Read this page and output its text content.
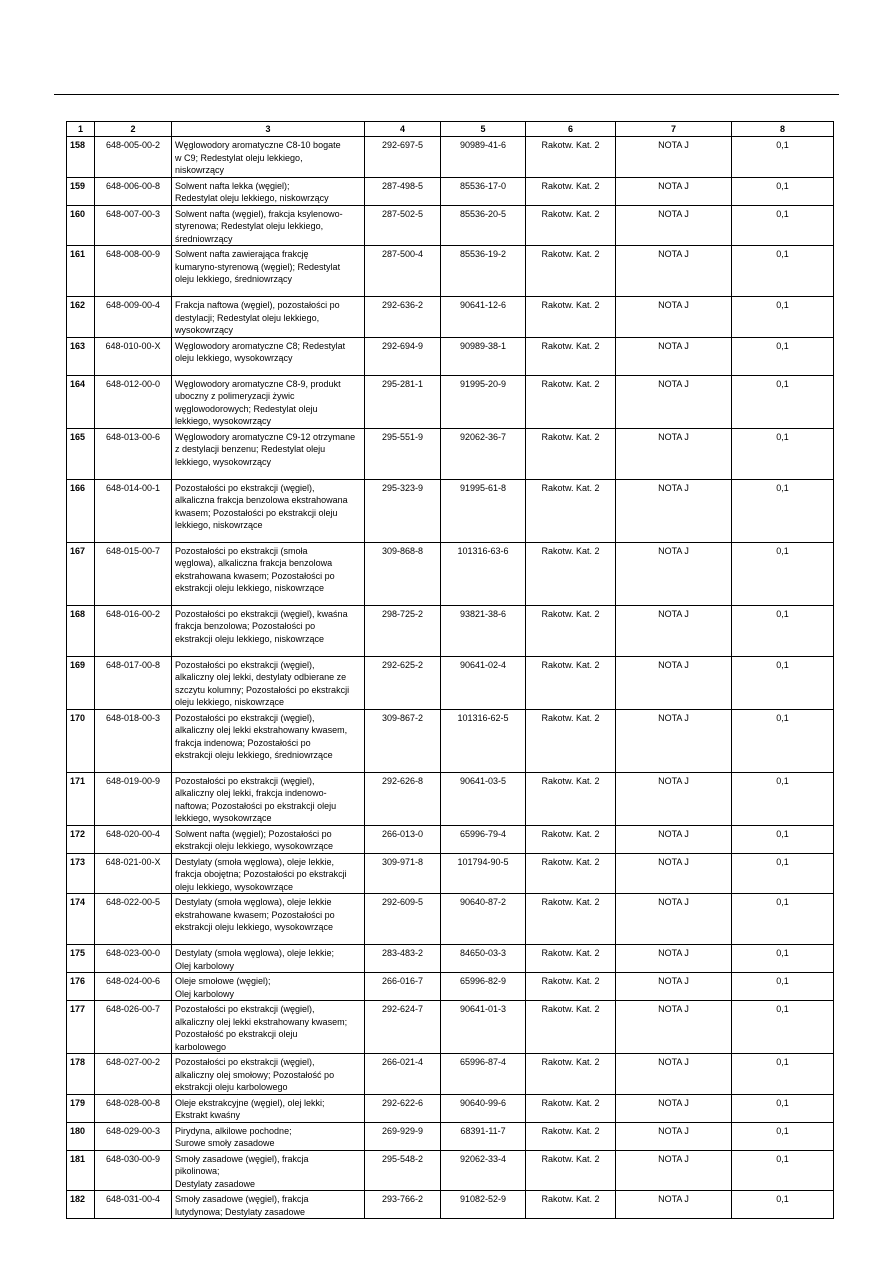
1	2	3	4	5	6	7	8
158	648-005-00-2	Węglowodory aromatyczne C8-10 bogate
w C9; Redestylat oleju lekkiego,
niskowrzący	292-697-5	90989-41-6	Rakotw. Kat. 2	NOTA J	0,1
159	648-006-00-8	Solwent nafta lekka (węgiel);
Redestylat oleju lekkiego, niskowrzący	287-498-5	85536-17-0	Rakotw. Kat. 2	NOTA J	0,1
160	648-007-00-3	Solwent nafta (węgiel), frakcja ksylenowo-
styrenowa; Redestylat oleju lekkiego,
średniowrzący	287-502-5	85536-20-5	Rakotw. Kat. 2	NOTA J	0,1
161	648-008-00-9	Solwent nafta zawierająca frakcję
kumaryno-styrenową (węgiel); Redestylat
oleju lekkiego, średniowrzący	287-500-4	85536-19-2	Rakotw. Kat. 2	NOTA J	0,1
162	648-009-00-4	Frakcja naftowa (węgiel), pozostałości po
destylacji; Redestylat oleju lekkiego,
wysokowrzący	292-636-2	90641-12-6	Rakotw. Kat. 2	NOTA J	0,1
163	648-010-00-X	Węglowodory aromatyczne C8; Redestylat
oleju lekkiego, wysokowrzący	292-694-9	90989-38-1	Rakotw. Kat. 2	NOTA J	0,1
164	648-012-00-0	Węglowodory aromatyczne C8-9, produkt
uboczny z polimeryzacji żywic
węglowodorowych; Redestylat oleju
lekkiego, wysokowrzący	295-281-1	91995-20-9	Rakotw. Kat. 2	NOTA J	0,1
165	648-013-00-6	Węglowodory aromatyczne C9-12 otrzymane
z destylacji benzenu; Redestylat oleju
lekkiego, wysokowrzący	295-551-9	92062-36-7	Rakotw. Kat. 2	NOTA J	0,1
166	648-014-00-1	Pozostałości po ekstrakcji (węgiel),
alkaliczna frakcja benzolowa ekstrahowana
kwasem; Pozostałości po ekstrakcji oleju
lekkiego, niskowrzące	295-323-9	91995-61-8	Rakotw. Kat. 2	NOTA J	0,1
167	648-015-00-7	Pozostałości po ekstrakcji (smoła
węglowa), alkaliczna frakcja benzolowa
ekstrahowana kwasem; Pozostałości po
ekstrakcji oleju lekkiego, niskowrzące	309-868-8	101316-63-6	Rakotw. Kat. 2	NOTA J	0,1
168	648-016-00-2	Pozostałości po ekstrakcji (węgiel), kwaśna
frakcja benzolowa; Pozostałości po
ekstrakcji oleju lekkiego, niskowrzące	298-725-2	93821-38-6	Rakotw. Kat. 2	NOTA J	0,1
169	648-017-00-8	Pozostałości po ekstrakcji (węgiel),
alkaliczny olej lekki, destylaty odbierane ze
szczytu kolumny; Pozostałości po ekstrakcji
oleju lekkiego, niskowrzące	292-625-2	90641-02-4	Rakotw. Kat. 2	NOTA J	0,1
170	648-018-00-3	Pozostałości po ekstrakcji (węgiel),
alkaliczny olej lekki ekstrahowany kwasem,
frakcja indenowa; Pozostałości po
ekstrakcji oleju lekkiego, średniowrzące	309-867-2	101316-62-5	Rakotw. Kat. 2	NOTA J	0,1
171	648-019-00-9	Pozostałości po ekstrakcji (węgiel),
alkaliczny olej lekki, frakcja indenowo-
naftowa; Pozostałości po ekstrakcji oleju
lekkiego, wysokowrzące	292-626-8	90641-03-5	Rakotw. Kat. 2	NOTA J	0,1
172	648-020-00-4	Solwent nafta (węgiel); Pozostałości po
ekstrakcji oleju lekkiego, wysokowrzące	266-013-0	65996-79-4	Rakotw. Kat. 2	NOTA J	0,1
173	648-021-00-X	Destylaty (smoła węglowa), oleje lekkie,
frakcja obojętna; Pozostałości po ekstrakcji
oleju lekkiego, wysokowrzące	309-971-8	101794-90-5	Rakotw. Kat. 2	NOTA J	0,1
174	648-022-00-5	Destylaty (smoła węglowa), oleje lekkie
ekstrahowane kwasem; Pozostałości po
ekstrakcji oleju lekkiego, wysokowrzące	292-609-5	90640-87-2	Rakotw. Kat. 2	NOTA J	0,1
175	648-023-00-0	Destylaty (smoła węglowa), oleje lekkie;
Olej karbolowy	283-483-2	84650-03-3	Rakotw. Kat. 2	NOTA J	0,1
176	648-024-00-6	Oleje smołowe (węgiel);
Olej karbolowy	266-016-7	65996-82-9	Rakotw. Kat. 2	NOTA J	0,1
177	648-026-00-7	Pozostałości po ekstrakcji (węgiel),
alkaliczny olej lekki ekstrahowany kwasem;
Pozostałość po ekstrakcji oleju
karbolowego	292-624-7	90641-01-3	Rakotw. Kat. 2	NOTA J	0,1
178	648-027-00-2	Pozostałości po ekstrakcji (węgiel),
alkaliczny olej smołowy; Pozostałość po
ekstrakcji oleju karbolowego	266-021-4	65996-87-4	Rakotw. Kat. 2	NOTA J	0,1
179	648-028-00-8	Oleje ekstrakcyjne (węgiel), olej lekki;
Ekstrakt kwaśny	292-622-6	90640-99-6	Rakotw. Kat. 2	NOTA J	0,1
180	648-029-00-3	Pirydyna, alkilowe pochodne;
Surowe smoły zasadowe	269-929-9	68391-11-7	Rakotw. Kat. 2	NOTA J	0,1
181	648-030-00-9	Smoły zasadowe (węgiel), frakcja
pikolinowa;
Destylaty zasadowe	295-548-2	92062-33-4	Rakotw. Kat. 2	NOTA J	0,1
182	648-031-00-4	Smoły zasadowe (węgiel), frakcja
lutydynowa; Destylaty zasadowe	293-766-2	91082-52-9	Rakotw. Kat. 2	NOTA J	0,1
